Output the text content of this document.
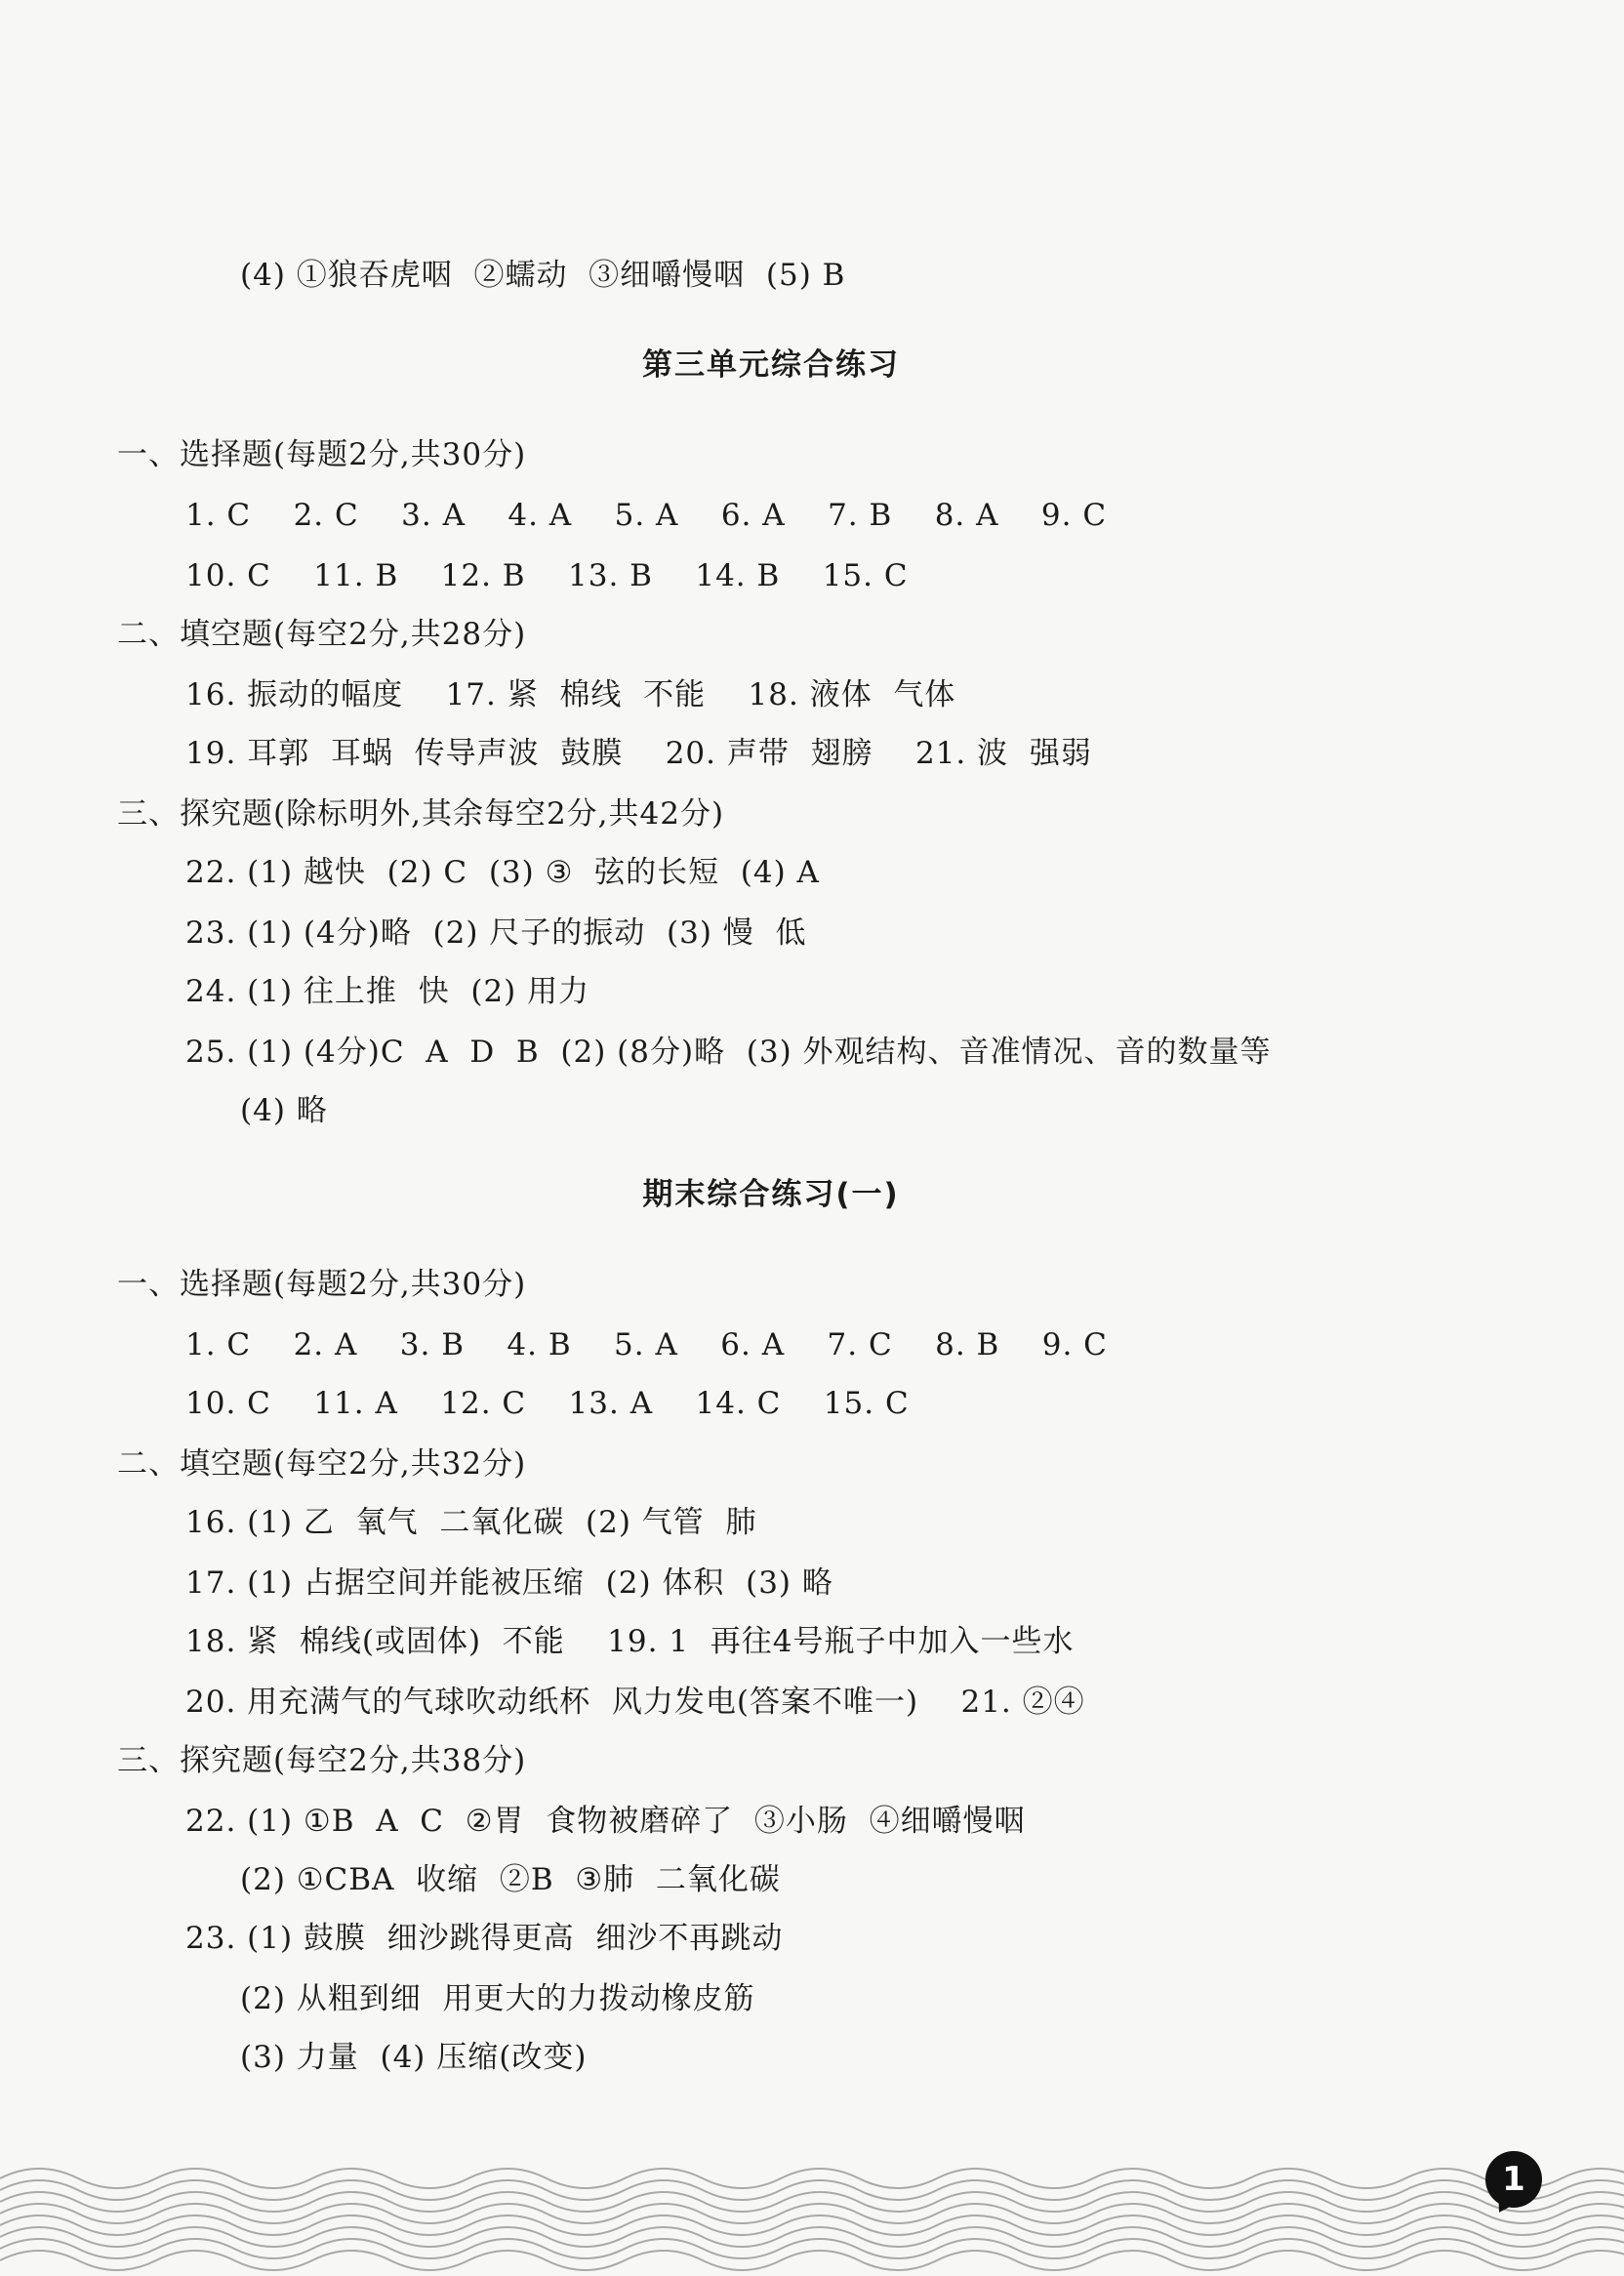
(4) ①狼吞虎咽  ②蠕动  ③细嚼慢咽  (5) B
第三单元综合练习
一、选择题(每题2分,共30分)
1. C    2. C    3. A    4. A    5. A    6. A    7. B    8. A    9. C
10. C    11. B    12. B    13. B    14. B    15. C
二、填空题(每空2分,共28分)
16. 振动的幅度    17. 紧  棉线  不能    18. 液体  气体
19. 耳郭  耳蜗  传导声波  鼓膜    20. 声带  翅膀    21. 波  强弱
三、探究题(除标明外,其余每空2分,共42分)
22. (1) 越快  (2) C  (3) ③  弦的长短  (4) A
23. (1) (4分)略  (2) 尺子的振动  (3) 慢  低
24. (1) 往上推  快  (2) 用力
25. (1) (4分)C  A  D  B  (2) (8分)略  (3) 外观结构、音准情况、音的数量等
(4) 略
期末综合练习(一)
一、选择题(每题2分,共30分)
1. C    2. A    3. B    4. B    5. A    6. A    7. C    8. B    9. C
10. C    11. A    12. C    13. A    14. C    15. C
二、填空题(每空2分,共32分)
16. (1) 乙  氧气  二氧化碳  (2) 气管  肺
17. (1) 占据空间并能被压缩  (2) 体积  (3) 略
18. 紧  棉线(或固体)  不能    19. 1  再往4号瓶子中加入一些水
20. 用充满气的气球吹动纸杯  风力发电(答案不唯一)    21. ②④
三、探究题(每空2分,共38分)
22. (1) ①B  A  C  ②胃  食物被磨碎了  ③小肠  ④细嚼慢咽
(2) ①CBA  收缩  ②B  ③肺  二氧化碳
23. (1) 鼓膜  细沙跳得更高  细沙不再跳动
(2) 从粗到细  用更大的力拨动橡皮筋
(3) 力量  (4) 压缩(改变)
1
